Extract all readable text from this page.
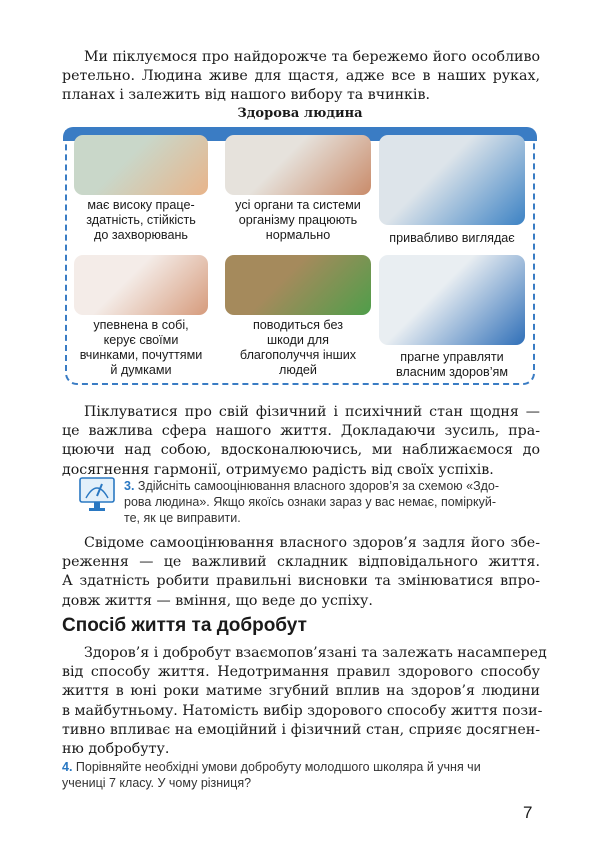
Ми піклуємося про найдорожче та бережемо його особливо
ретельно. Людина живе для щастя, адже все в наших руках,
планах і залежить від нашого вибору та вчинків.
Здорова людина
має високу праце-
здатність, стійкість
до захворювань
усі органи та системи
організму працюють
нормально	привабливо виглядає
упевнена в собі,
керує своїми
вчинками, почуттями
й думками
поводиться без
шкоди для
благополуччя інших
людей
прагне управляти
власним здоров’ям
Піклуватися про свій фізичний і психічний стан щодня —
це важлива сфера нашого життя. Докладаючи зусиль, пра-
цюючи над собою, вдосконалюючись, ми наближаємося до
досягнення гармонії, отримуємо радість від своїх успіхів.
3. Здійсніть самооцінювання власного здоров’я за схемою «Здо-
рова людина». Якщо якоїсь ознаки зараз у вас немає, поміркуй-
те, як це виправити.
Свідоме самооцінювання власного здоров’я задля його збе-
реження — це важливий складник відповідального життя.
А здатність робити правильні висновки та змінюватися впро-
довж життя — вміння, що веде до успіху.
Спосіб життя та добробут
Здоров’я і добробут взаємопов’язані та залежать насамперед
від способу життя. Недотримання правил здорового способу
життя в юні роки матиме згубний вплив на здоров’я людини
в майбутньому. Натомість вибір здорового способу життя пози-
тивно впливає на емоційний і фізичний стан, сприяє досягнен-
ню добробуту.
4. Порівняйте необхідні умови добробуту молодшого школяра й учня чи
учениці 7 класу. У чому різниця?
7
